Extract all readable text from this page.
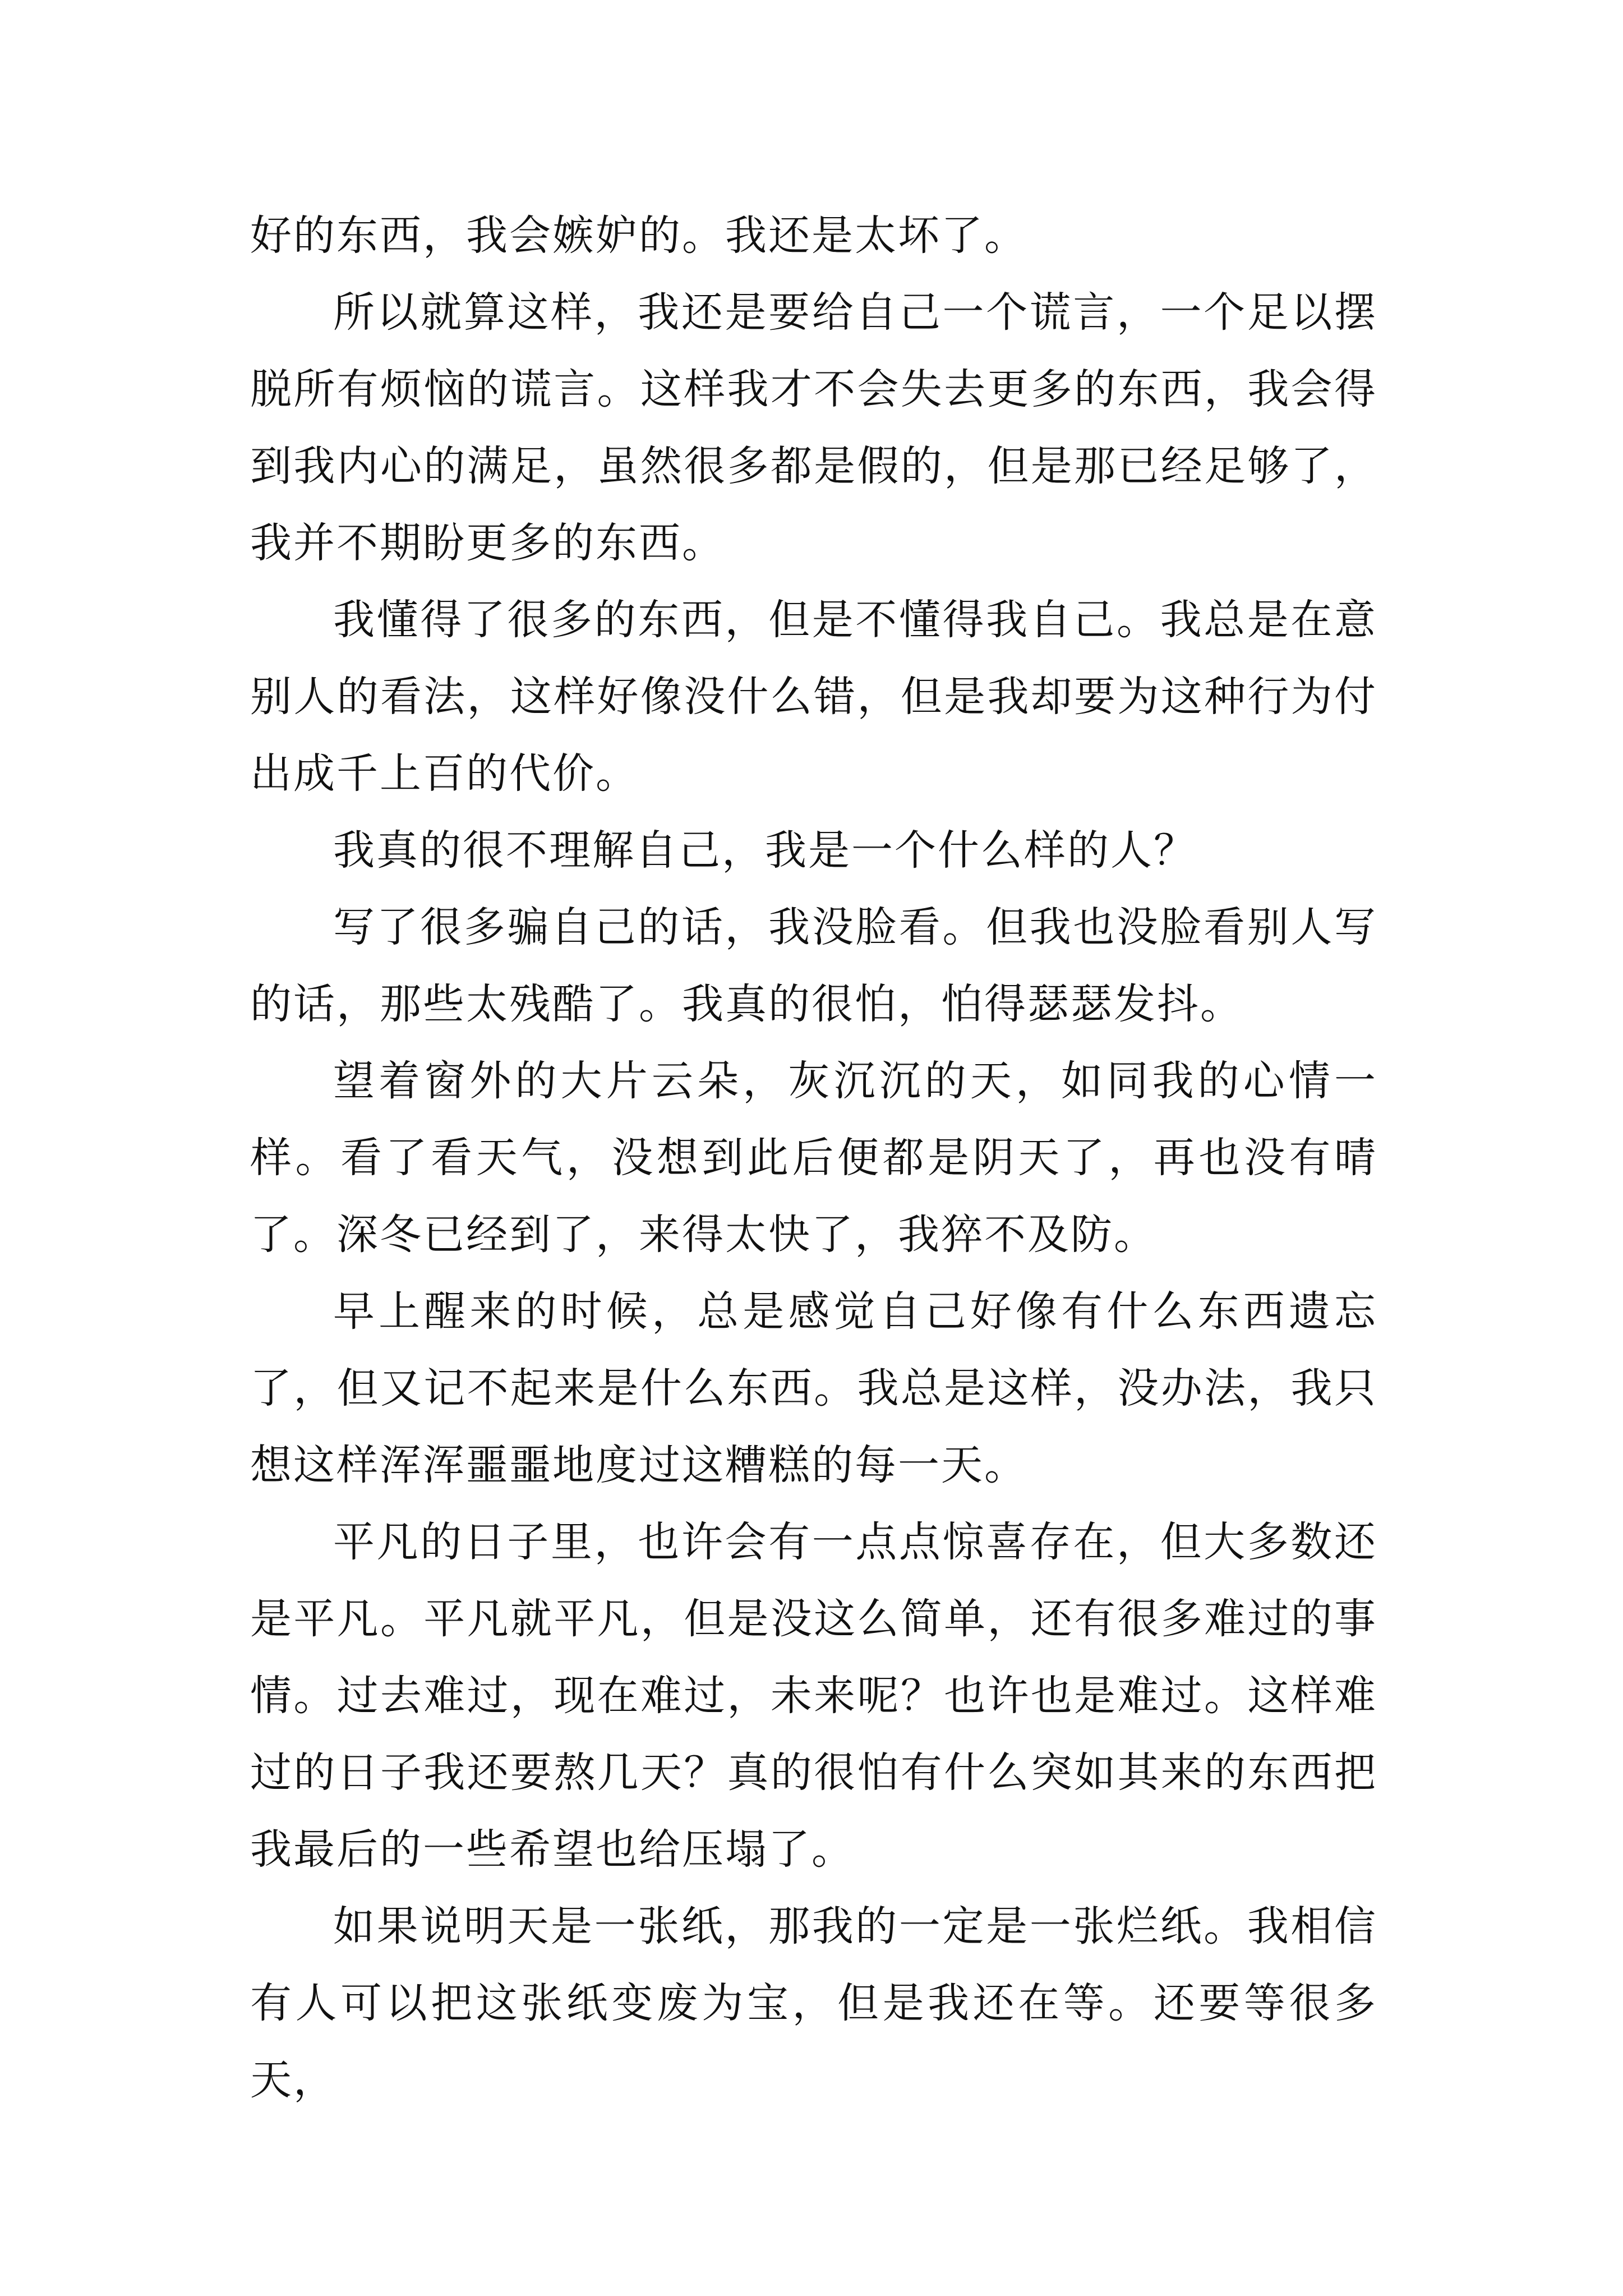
好的东西，我会嫉妒的。我还是太坏了。

所以就算这样，我还是要给自己一个谎言，一个足以摆脱所有烦恼的谎言。这样我才不会失去更多的东西，我会得到我内心的满足，虽然很多都是假的，但是那已经足够了，我并不期盼更多的东西。

我懂得了很多的东西，但是不懂得我自己。我总是在意别人的看法，这样好像没什么错，但是我却要为这种行为付出成千上百的代价。

我真的很不理解自己，我是一个什么样的人？

写了很多骗自己的话，我没脸看。但我也没脸看别人写的话，那些太残酷了。我真的很怕，怕得瑟瑟发抖。

望着窗外的大片云朵，灰沉沉的天，如同我的心情一样。看了看天气，没想到此后便都是阴天了，再也没有晴了。深冬已经到了，来得太快了，我猝不及防。

早上醒来的时候，总是感觉自己好像有什么东西遗忘了，但又记不起来是什么东西。我总是这样，没办法，我只想这样浑浑噩噩地度过这糟糕的每一天。

平凡的日子里，也许会有一点点惊喜存在，但大多数还是平凡。平凡就平凡，但是没这么简单，还有很多难过的事情。过去难过，现在难过，未来呢？也许也是难过。这样难过的日子我还要熬几天？真的很怕有什么突如其来的东西把我最后的一些希望也给压塌了。

如果说明天是一张纸，那我的一定是一张烂纸。我相信有人可以把这张纸变废为宝，但是我还在等。还要等很多天，
